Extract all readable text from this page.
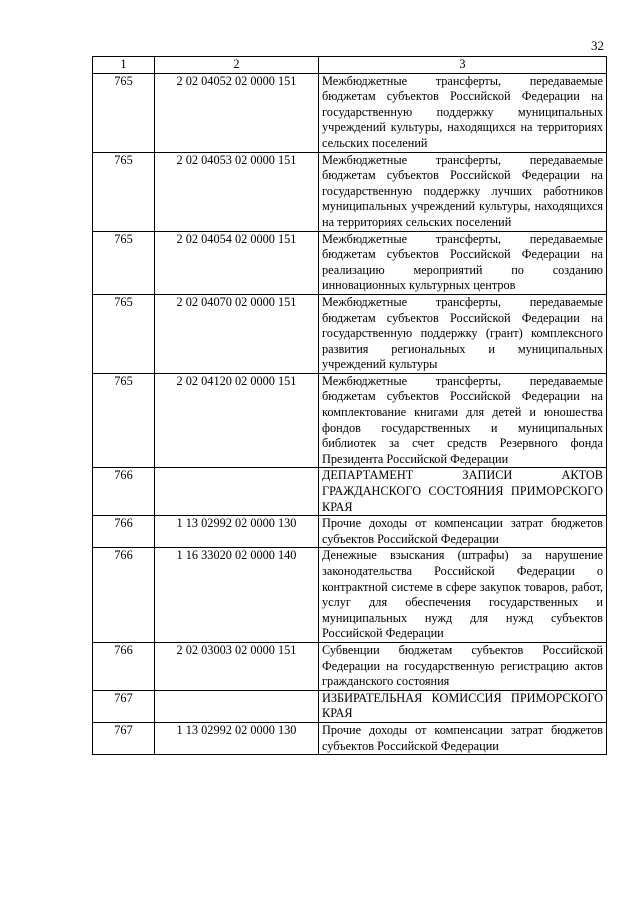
32
1	2	3
765	2 02 04052 02 0000 151	Межбюджетные трансферты, передаваемые бюджетам субъектов Российской Федерации на государственную поддержку муниципальных учреждений культуры, находящихся на территориях сельских поселений
765	2 02 04053 02 0000 151	Межбюджетные трансферты, передаваемые бюджетам субъектов Российской Федерации на государственную поддержку лучших работников муниципальных учреждений культуры, находящихся на территориях сельских поселений
765	2 02 04054 02 0000 151	Межбюджетные трансферты, передаваемые бюджетам субъектов Российской Федерации на реализацию мероприятий по созданию инновационных культурных центров
765	2 02 04070 02 0000 151	Межбюджетные трансферты, передаваемые бюджетам субъектов Российской Федерации на государственную поддержку (грант) комплексного развития региональных и муниципальных учреждений культуры
765	2 02 04120 02 0000 151	Межбюджетные трансферты, передаваемые бюджетам субъектов Российской Федерации на комплектование книгами для детей и юношества фондов государственных и муниципальных библиотек за счет средств Резервного фонда Президента Российской Федерации
766		ДЕПАРТАМЕНТ ЗАПИСИ АКТОВ ГРАЖДАНСКОГО СОСТОЯНИЯ ПРИМОРСКОГО КРАЯ
766	1 13 02992 02 0000 130	Прочие доходы от компенсации затрат бюджетов субъектов Российской Федерации
766	1 16 33020 02 0000 140	Денежные взыскания (штрафы) за нарушение законодательства Российской Федерации о контрактной системе в сфере закупок товаров, работ, услуг для обеспечения государственных и муниципальных нужд для нужд субъектов Российской Федерации
766	2 02 03003 02 0000 151	Субвенции бюджетам субъектов Российской Федерации на государственную регистрацию актов гражданского состояния
767		ИЗБИРАТЕЛЬНАЯ КОМИССИЯ ПРИМОРСКОГО КРАЯ
767	1 13 02992 02 0000 130	Прочие доходы от компенсации затрат бюджетов субъектов Российской Федерации
